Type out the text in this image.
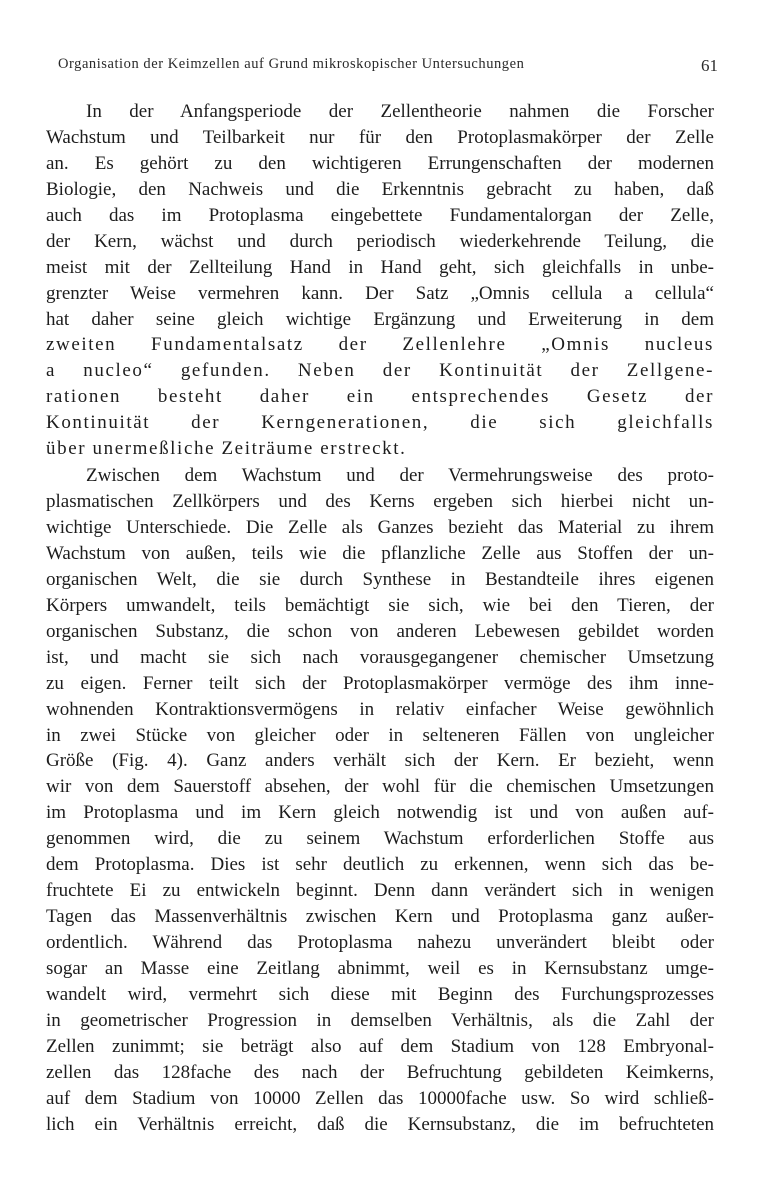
Organisation der Keimzellen auf Grund mikroskopischer Untersuchungen	61
In der Anfangsperiode der Zellentheorie nahmen die Forscher
Wachstum und Teilbarkeit nur für den Protoplasmakörper der Zelle
an. Es gehört zu den wichtigeren Errungenschaften der modernen
Biologie, den Nachweis und die Erkenntnis gebracht zu haben, daß
auch das im Protoplasma eingebettete Fundamentalorgan der Zelle,
der Kern, wächst und durch periodisch wiederkehrende Teilung, die
meist mit der Zellteilung Hand in Hand geht, sich gleichfalls in unbe-
grenzter Weise vermehren kann. Der Satz „Omnis cellula a cellula“
hat daher seine gleich wichtige Ergänzung und Erweiterung in dem
zweiten Fundamentalsatz der Zellenlehre „Omnis nucleus
a nucleo“ gefunden. Neben der Kontinuität der Zellgene-
rationen besteht daher ein entsprechendes Gesetz der
Kontinuität der Kerngenerationen, die sich gleichfalls
über unermeßliche Zeiträume erstreckt.
Zwischen dem Wachstum und der Vermehrungsweise des proto-
plasmatischen Zellkörpers und des Kerns ergeben sich hierbei nicht un-
wichtige Unterschiede. Die Zelle als Ganzes bezieht das Material zu ihrem
Wachstum von außen, teils wie die pflanzliche Zelle aus Stoffen der un-
organischen Welt, die sie durch Synthese in Bestandteile ihres eigenen
Körpers umwandelt, teils bemächtigt sie sich, wie bei den Tieren, der
organischen Substanz, die schon von anderen Lebewesen gebildet worden
ist, und macht sie sich nach vorausgegangener chemischer Umsetzung
zu eigen. Ferner teilt sich der Protoplasmakörper vermöge des ihm inne-
wohnenden Kontraktionsvermögens in relativ einfacher Weise gewöhnlich
in zwei Stücke von gleicher oder in selteneren Fällen von ungleicher
Größe (Fig. 4). Ganz anders verhält sich der Kern. Er bezieht, wenn
wir von dem Sauerstoff absehen, der wohl für die chemischen Umsetzungen
im Protoplasma und im Kern gleich notwendig ist und von außen auf-
genommen wird, die zu seinem Wachstum erforderlichen Stoffe aus
dem Protoplasma. Dies ist sehr deutlich zu erkennen, wenn sich das be-
fruchtete Ei zu entwickeln beginnt. Denn dann verändert sich in wenigen
Tagen das Massenverhältnis zwischen Kern und Protoplasma ganz außer-
ordentlich. Während das Protoplasma nahezu unverändert bleibt oder
sogar an Masse eine Zeitlang abnimmt, weil es in Kernsubstanz umge-
wandelt wird, vermehrt sich diese mit Beginn des Furchungsprozesses
in geometrischer Progression in demselben Verhältnis, als die Zahl der
Zellen zunimmt; sie beträgt also auf dem Stadium von 128 Embryonal-
zellen das 128fache des nach der Befruchtung gebildeten Keimkerns,
auf dem Stadium von 10000 Zellen das 10000fache usw. So wird schließ-
lich ein Verhältnis erreicht, daß die Kernsubstanz, die im befruchteten
